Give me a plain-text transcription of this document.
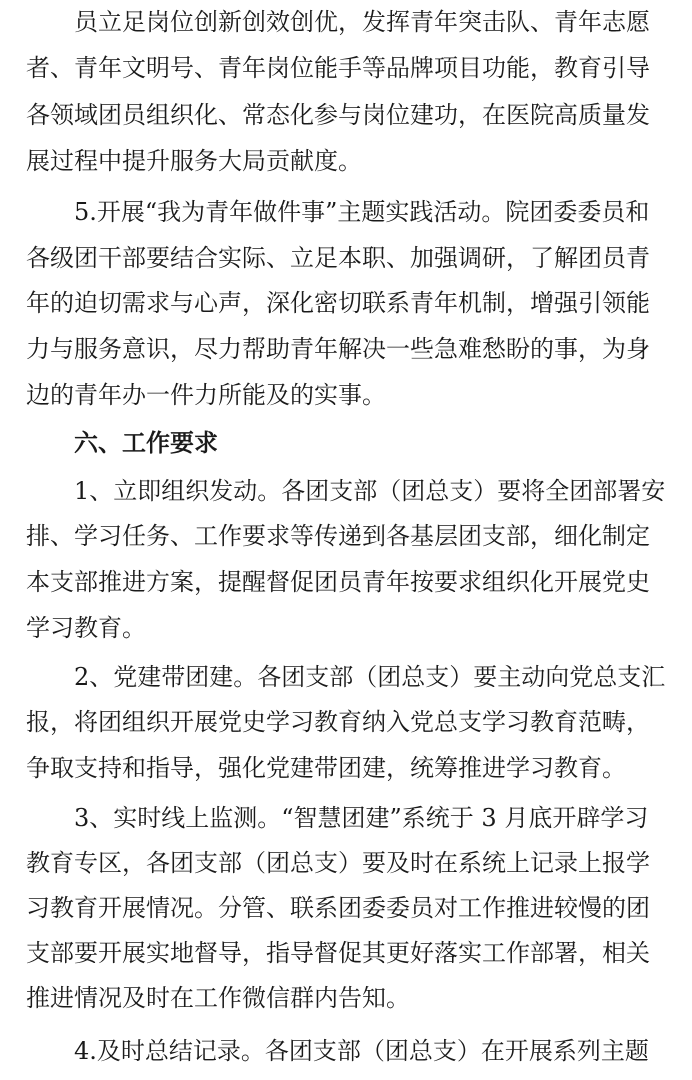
　　员立足岗位创新创效创优，发挥青年突击队、青年志愿
者、青年文明号、青年岗位能手等品牌项目功能，教育引导
各领域团员组织化、常态化参与岗位建功，在医院高质量发
展过程中提升服务大局贡献度。
　　5.开展“我为青年做件事”主题实践活动。院团委委员和
各级团干部要结合实际、立足本职、加强调研，了解团员青
年的迫切需求与心声，深化密切联系青年机制，增强引领能
力与服务意识，尽力帮助青年解决一些急难愁盼的事，为身
边的青年办一件力所能及的实事。
　　六、工作要求
　　1、立即组织发动。各团支部（团总支）要将全团部署安
排、学习任务、工作要求等传递到各基层团支部，细化制定
本支部推进方案，提醒督促团员青年按要求组织化开展党史
学习教育。
　　2、党建带团建。各团支部（团总支）要主动向党总支汇
报，将团组织开展党史学习教育纳入党总支学习教育范畴，
争取支持和指导，强化党建带团建，统筹推进学习教育。
　　3、实时线上监测。“智慧团建”系统于 3 月底开辟学习
教育专区，各团支部（团总支）要及时在系统上记录上报学
习教育开展情况。分管、联系团委委员对工作推进较慢的团
支部要开展实地督导，指导督促其更好落实工作部署，相关
推进情况及时在工作微信群内告知。
　　4.及时总结记录。各团支部（团总支）在开展系列主题
